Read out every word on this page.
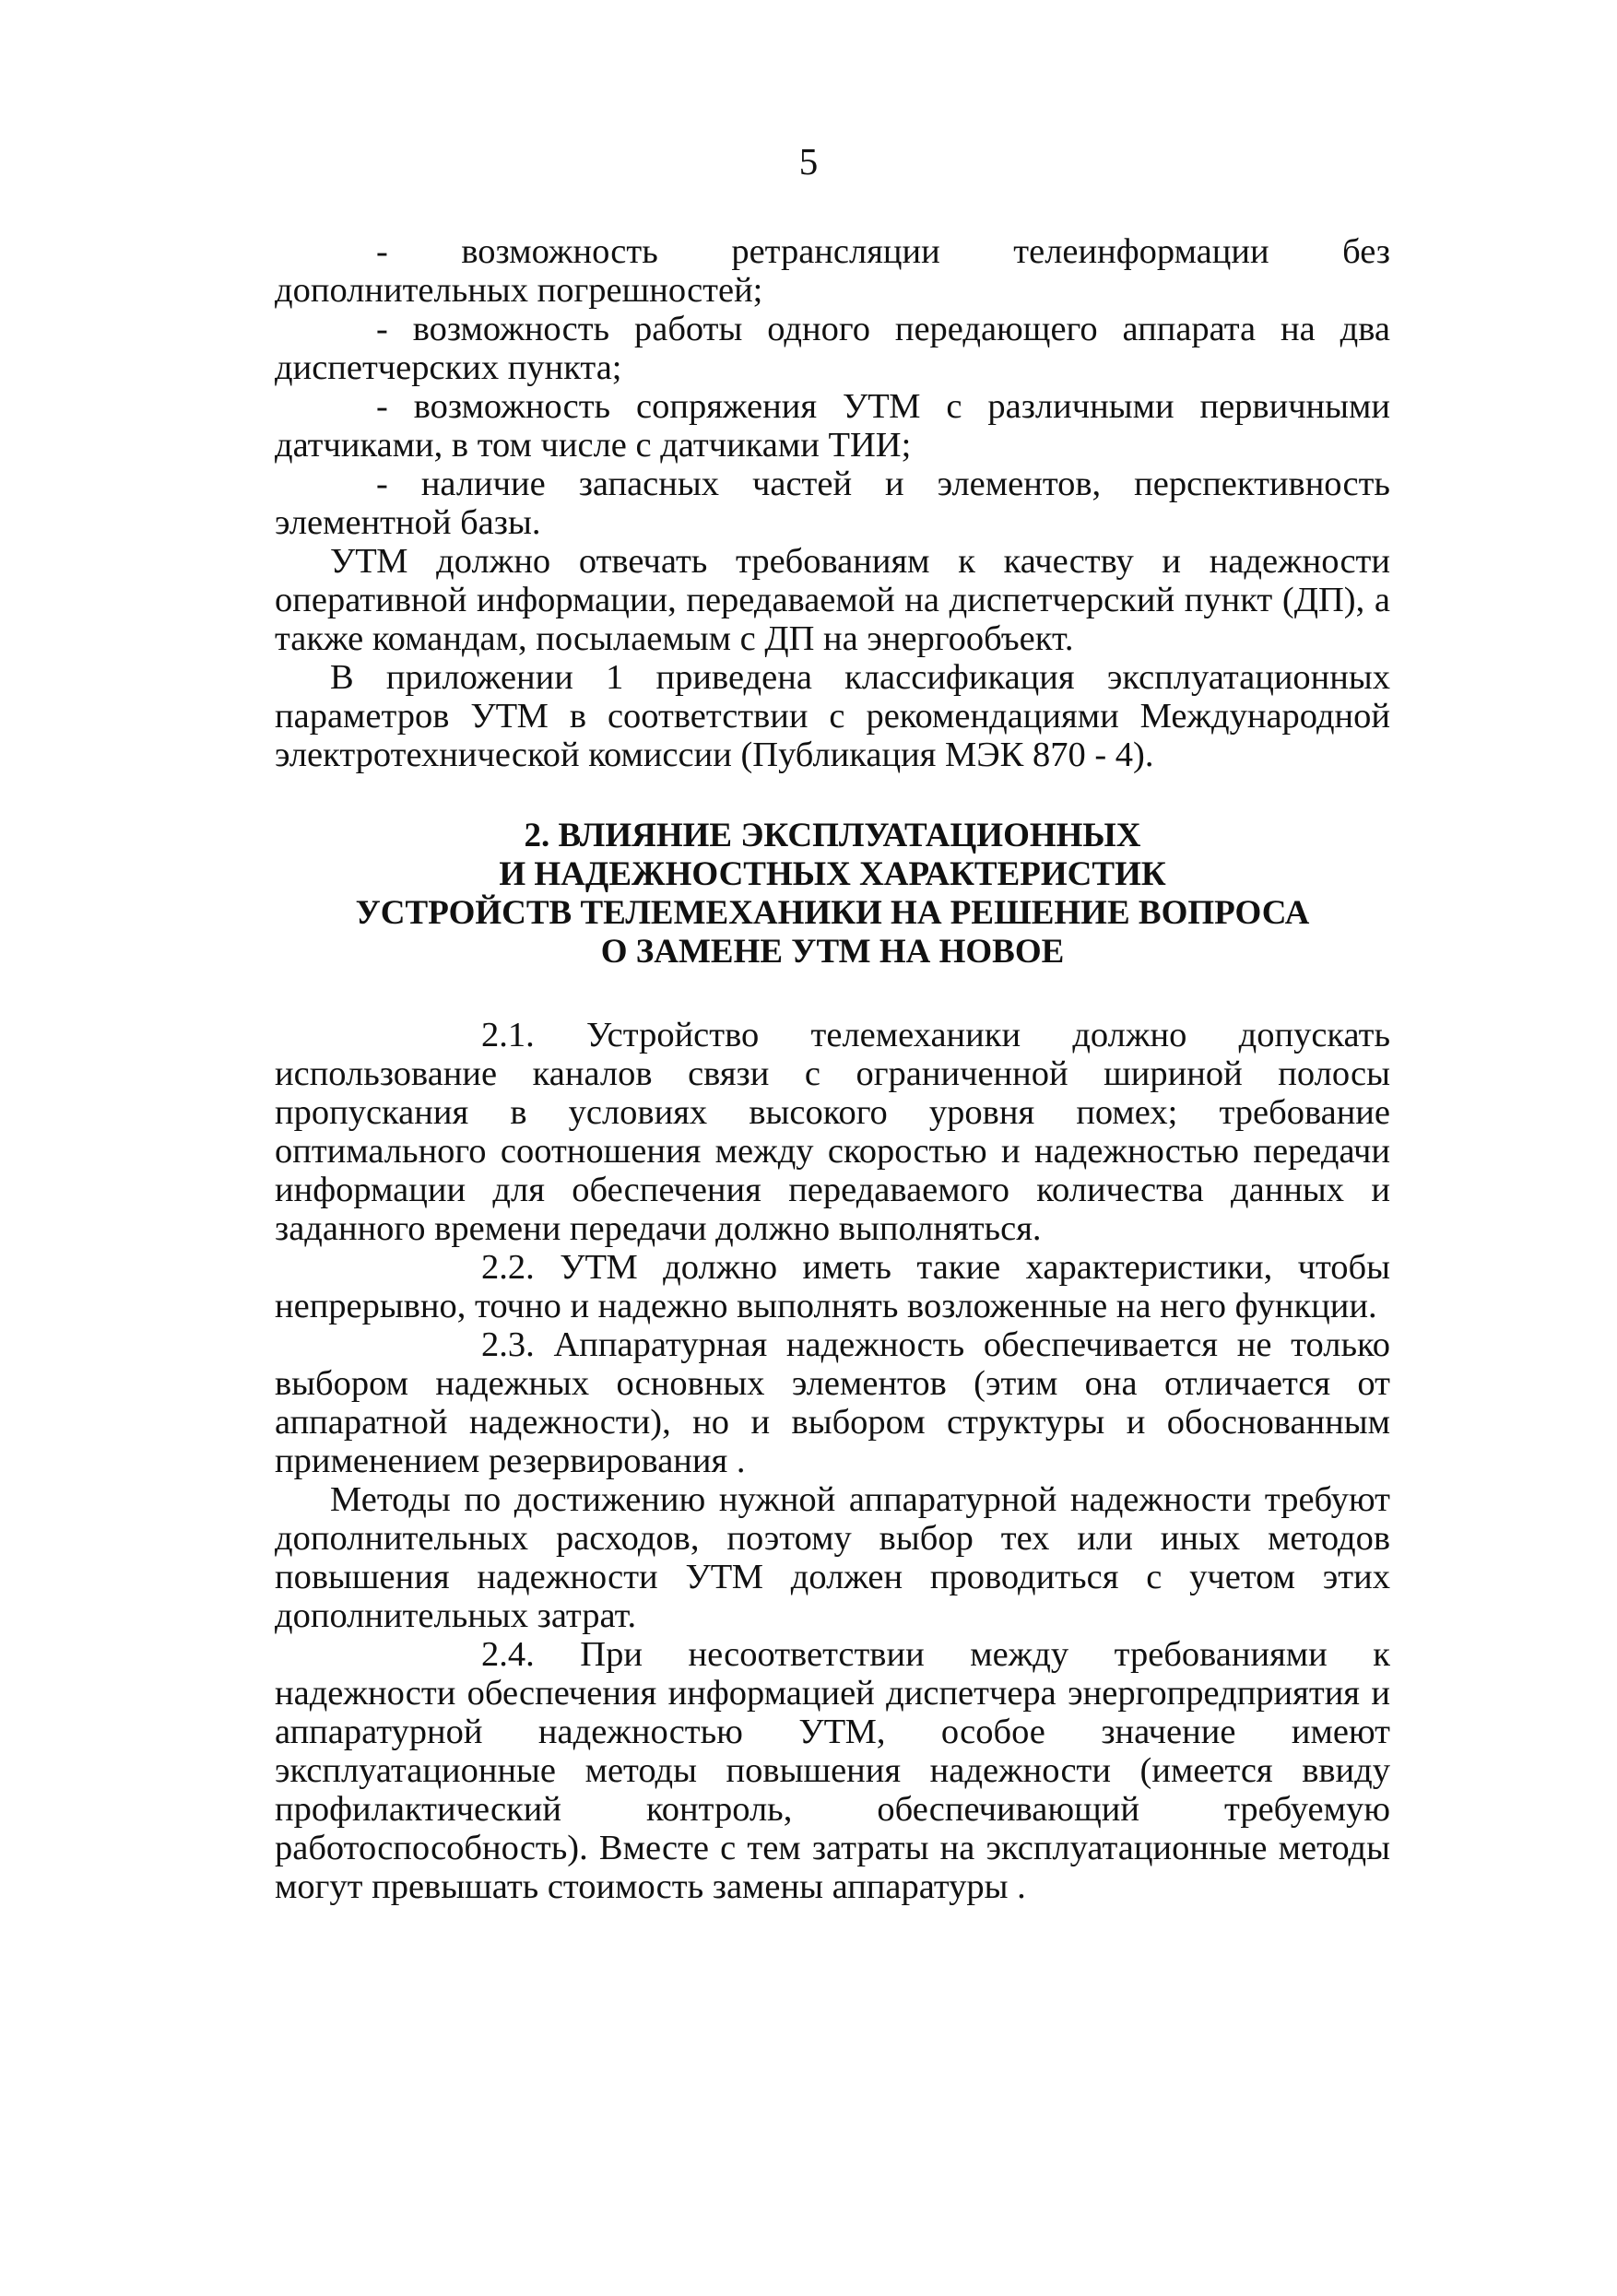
5

- возможность ретрансляции телеинформации без дополнительных погрешностей;

- возможность работы одного передающего аппарата на два диспетчерских пункта;

- возможность сопряжения УТМ с различными первичными датчиками, в том числе с датчиками ТИИ;

- наличие запасных частей и элементов, перспективность элементной базы.

УТМ должно отвечать требованиям к качеству и надежности оперативной информации, передаваемой на диспетчерский пункт (ДП), а также командам, посылаемым с ДП на энергообъект.

В приложении 1 приведена классификация эксплуатационных параметров УТМ в соответствии с рекомендациями Международной электротехнической комиссии (Публикация МЭК 870 - 4).

2. ВЛИЯНИЕ ЭКСПЛУАТАЦИОННЫХ
И НАДЕЖНОСТНЫХ ХАРАКТЕРИСТИК
УСТРОЙСТВ ТЕЛЕМЕХАНИКИ НА РЕШЕНИЕ ВОПРОСА
О ЗАМЕНЕ УТМ НА НОВОЕ

2.1. Устройство телемеханики должно допускать использование каналов связи с ограниченной шириной полосы пропускания в условиях высокого уровня помех; требование оптимального соотношения между скоростью и надежностью передачи информации для обеспечения передаваемого количества данных и заданного времени передачи должно выполняться.

2.2. УТМ должно иметь такие характеристики, чтобы непрерывно, точно и надежно выполнять возложенные на него функции.

2.3. Аппаратурная надежность обеспечивается не только выбором надежных основных элементов (этим она отличается от аппаратной надежности), но и выбором структуры и обоснованным применением резервирования .

Методы по достижению нужной аппаратурной надежности требуют дополнительных расходов, поэтому выбор тех или иных методов повышения надежности УТМ должен проводиться с учетом этих дополнительных затрат.

2.4. При несоответствии между требованиями к надежности обеспечения информацией диспетчера энергопредприятия и аппаратурной надежностью УТМ, особое значение имеют эксплуатационные методы повышения надежности (имеется ввиду профилактический контроль, обеспечивающий требуемую работоспособность). Вместе с тем затраты на эксплуатационные методы могут превышать стоимость замены аппаратуры .
